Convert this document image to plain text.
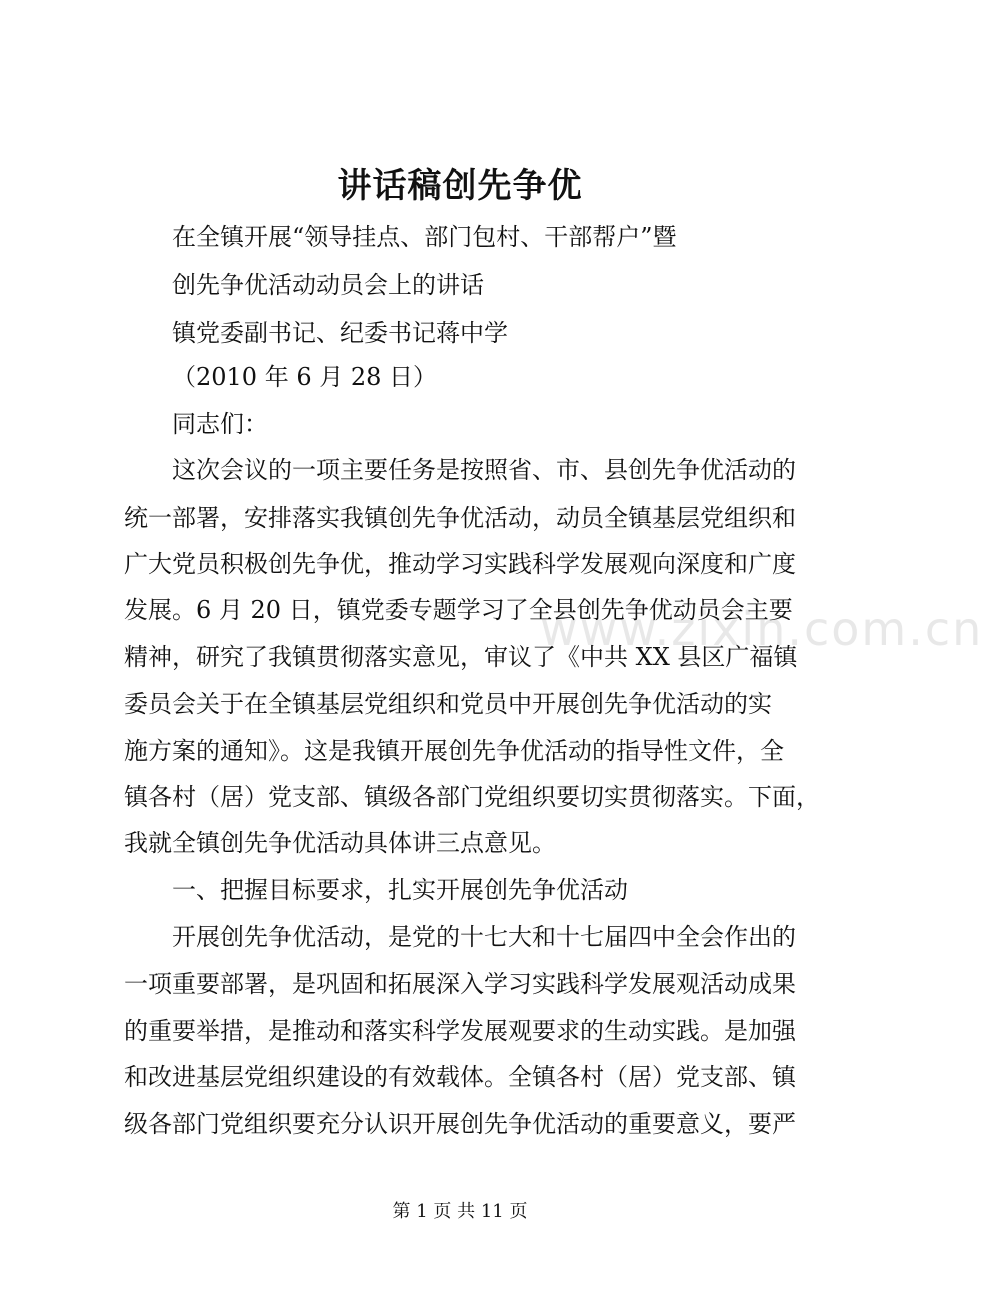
www.zixin.com.cn
讲话稿创先争优
在全镇开展“领导挂点、部门包村、干部帮户”暨
创先争优活动动员会上的讲话
镇党委副书记、纪委书记蒋中学
（2010 年 6 月 28 日）
同志们：
这次会议的一项主要任务是按照省、市、县创先争优活动的
统一部署，安排落实我镇创先争优活动，动员全镇基层党组织和
广大党员积极创先争优，推动学习实践科学发展观向深度和广度
发展。6 月 20 日，镇党委专题学习了全县创先争优动员会主要
精神，研究了我镇贯彻落实意见，审议了《中共 XX 县区广福镇
委员会关于在全镇基层党组织和党员中开展创先争优活动的实
施方案的通知》。这是我镇开展创先争优活动的指导性文件，全
镇各村（居）党支部、镇级各部门党组织要切实贯彻落实。下面，
我就全镇创先争优活动具体讲三点意见。
一、把握目标要求，扎实开展创先争优活动
开展创先争优活动，是党的十七大和十七届四中全会作出的
一项重要部署，是巩固和拓展深入学习实践科学发展观活动成果
的重要举措，是推动和落实科学发展观要求的生动实践。是加强
和改进基层党组织建设的有效载体。全镇各村（居）党支部、镇
级各部门党组织要充分认识开展创先争优活动的重要意义，要严
第 1 页 共 11 页
